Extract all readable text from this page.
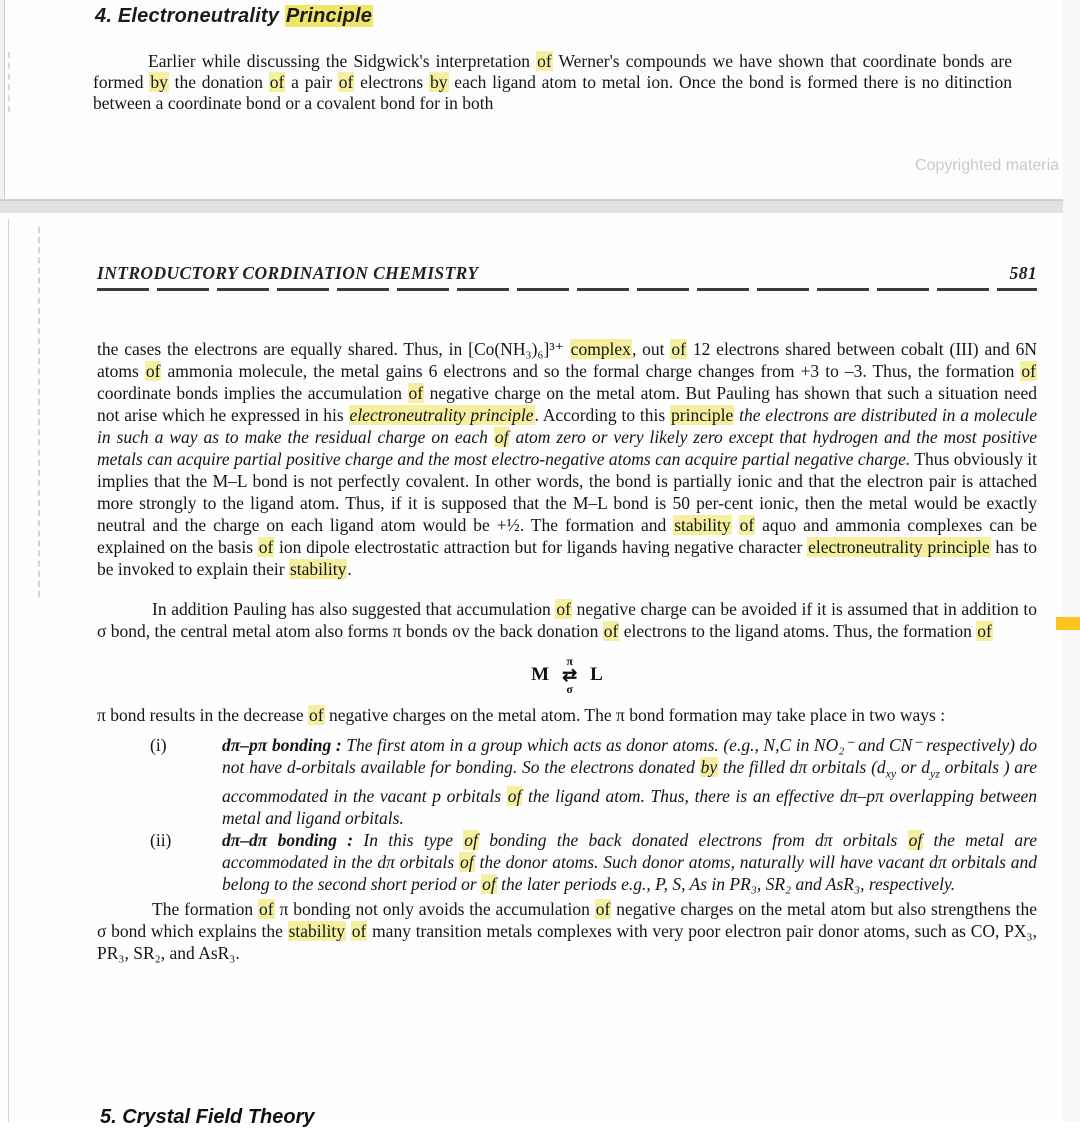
4. Electroneutrality Principle

Earlier while discussing the Sidgwick's interpretation of Werner's compounds we have shown that coordinate bonds are formed by the donation of a pair of electrons by each ligand atom to metal ion. Once the bond is formed there is no ditinction between a coordinate bond or a covalent bond for in both

Copyrighted materia
INTRODUCTORY CORDINATION CHEMISTRY	581

the cases the electrons are equally shared. Thus, in [Co(NH₃)₆]³⁺ complex, out of 12 electrons shared between cobalt (III) and 6N atoms of ammonia molecule, the metal gains 6 electrons and so the formal charge changes from +3 to –3. Thus, the formation of coordinate bonds implies the accumulation of negative charge on the metal atom. But Pauling has shown that such a situation need not arise which he expressed in his electroneutrality principle. According to this principle the electrons are distributed in a molecule in such a way as to make the residual charge on each of atom zero or very likely zero except that hydrogen and the most positive metals can acquire partial positive charge and the most electro-negative atoms can acquire partial negative charge. Thus obviously it implies that the M–L bond is not perfectly covalent. In other words, the bond is partially ionic and that the electron pair is attached more strongly to the ligand atom. Thus, if it is supposed that the M–L bond is 50 per-cent ionic, then the metal would be exactly neutral and the charge on each ligand atom would be +½. The formation and stability of aquo and ammonia complexes can be explained on the basis of ion dipole electrostatic attraction but for ligands having negative character electroneutrality principle has to be invoked to explain their stability.

In addition Pauling has also suggested that accumulation of negative charge can be avoided if it is assumed that in addition to σ bond, the central metal atom also forms π bonds ov the back donation of electrons to the ligand atoms. Thus, the formation of

M
π
⇄
σ
L

π bond results in the decrease of negative charges on the metal atom. The π bond formation may take place in two ways :

(i)	dπ–pπ bonding : The first atom in a group which acts as donor atoms. (e.g., N,C in NO₂⁻ and CN⁻ respectively) do not have d-orbitals available for bonding. So the electrons donated by the filled dπ orbitals ($d_{xy}$ or $d_{yz}$ orbitals ) are accommodated in the vacant p orbitals of the ligand atom. Thus, there is an effective dπ–pπ overlapping between metal and ligand orbitals.
(ii)	dπ–dπ bonding : In this type of bonding the back donated electrons from dπ orbitals of the metal are accommodated in the dπ orbitals of the donor atoms. Such donor atoms, naturally will have vacant dπ orbitals and belong to the second short period or of the later periods e.g., P, S, As in PR₃, SR₂ and AsR₃, respectively.

The formation of π bonding not only avoids the accumulation of negative charges on the metal atom but also strengthens the σ bond which explains the stability of many transition metals complexes with very poor electron pair donor atoms, such as CO, PX₃, PR₃, SR₂, and AsR₃.

5. Crystal Field Theory
